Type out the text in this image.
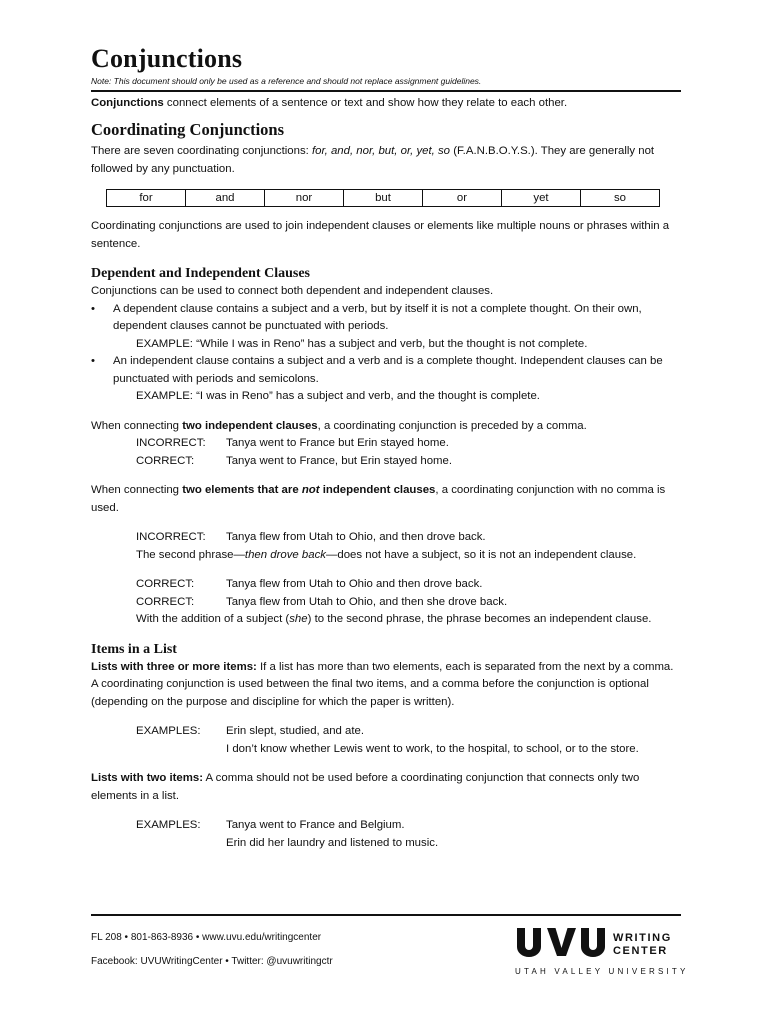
Conjunctions
Note: This document should only be used as a reference and should not replace assignment guidelines.
Conjunctions connect elements of a sentence or text and show how they relate to each other.
Coordinating Conjunctions
There are seven coordinating conjunctions: for, and, nor, but, or, yet, so (F.A.N.B.O.Y.S.). They are generally not followed by any punctuation.
for	and	nor	but	or	yet	so
Coordinating conjunctions are used to join independent clauses or elements like multiple nouns or phrases within a sentence.
Dependent and Independent Clauses
Conjunctions can be used to connect both dependent and independent clauses.
• A dependent clause contains a subject and a verb, but by itself it is not a complete thought. On their own, dependent clauses cannot be punctuated with periods.
EXAMPLE: “While I was in Reno” has a subject and verb, but the thought is not complete.
• An independent clause contains a subject and a verb and is a complete thought. Independent clauses can be punctuated with periods and semicolons.
EXAMPLE: “I was in Reno” has a subject and verb, and the thought is complete.
When connecting two independent clauses, a coordinating conjunction is preceded by a comma.
INCORRECT:	Tanya went to France but Erin stayed home.
CORRECT:	Tanya went to France, but Erin stayed home.
When connecting two elements that are not independent clauses, a coordinating conjunction with no comma is used.
INCORRECT:	Tanya flew from Utah to Ohio, and then drove back.
The second phrase—then drove back—does not have a subject, so it is not an independent clause.
CORRECT:	Tanya flew from Utah to Ohio and then drove back.
CORRECT:	Tanya flew from Utah to Ohio, and then she drove back.
With the addition of a subject (she) to the second phrase, the phrase becomes an independent clause.
Items in a List
Lists with three or more items: If a list has more than two elements, each is separated from the next by a comma. A coordinating conjunction is used between the final two items, and a comma before the conjunction is optional (depending on the purpose and discipline for which the paper is written).
EXAMPLES:	Erin slept, studied, and ate.
I don’t know whether Lewis went to work, to the hospital, to school, or to the store.
Lists with two items: A comma should not be used before a coordinating conjunction that connects only two elements in a list.
EXAMPLES:	Tanya went to France and Belgium.
Erin did her laundry and listened to music.
FL 208 • 801-863-8936 • www.uvu.edu/writingcenter
Facebook: UVUWritingCenter • Twitter: @uvuwritingctr
WRITING
CENTER
UTAH VALLEY UNIVERSITY
